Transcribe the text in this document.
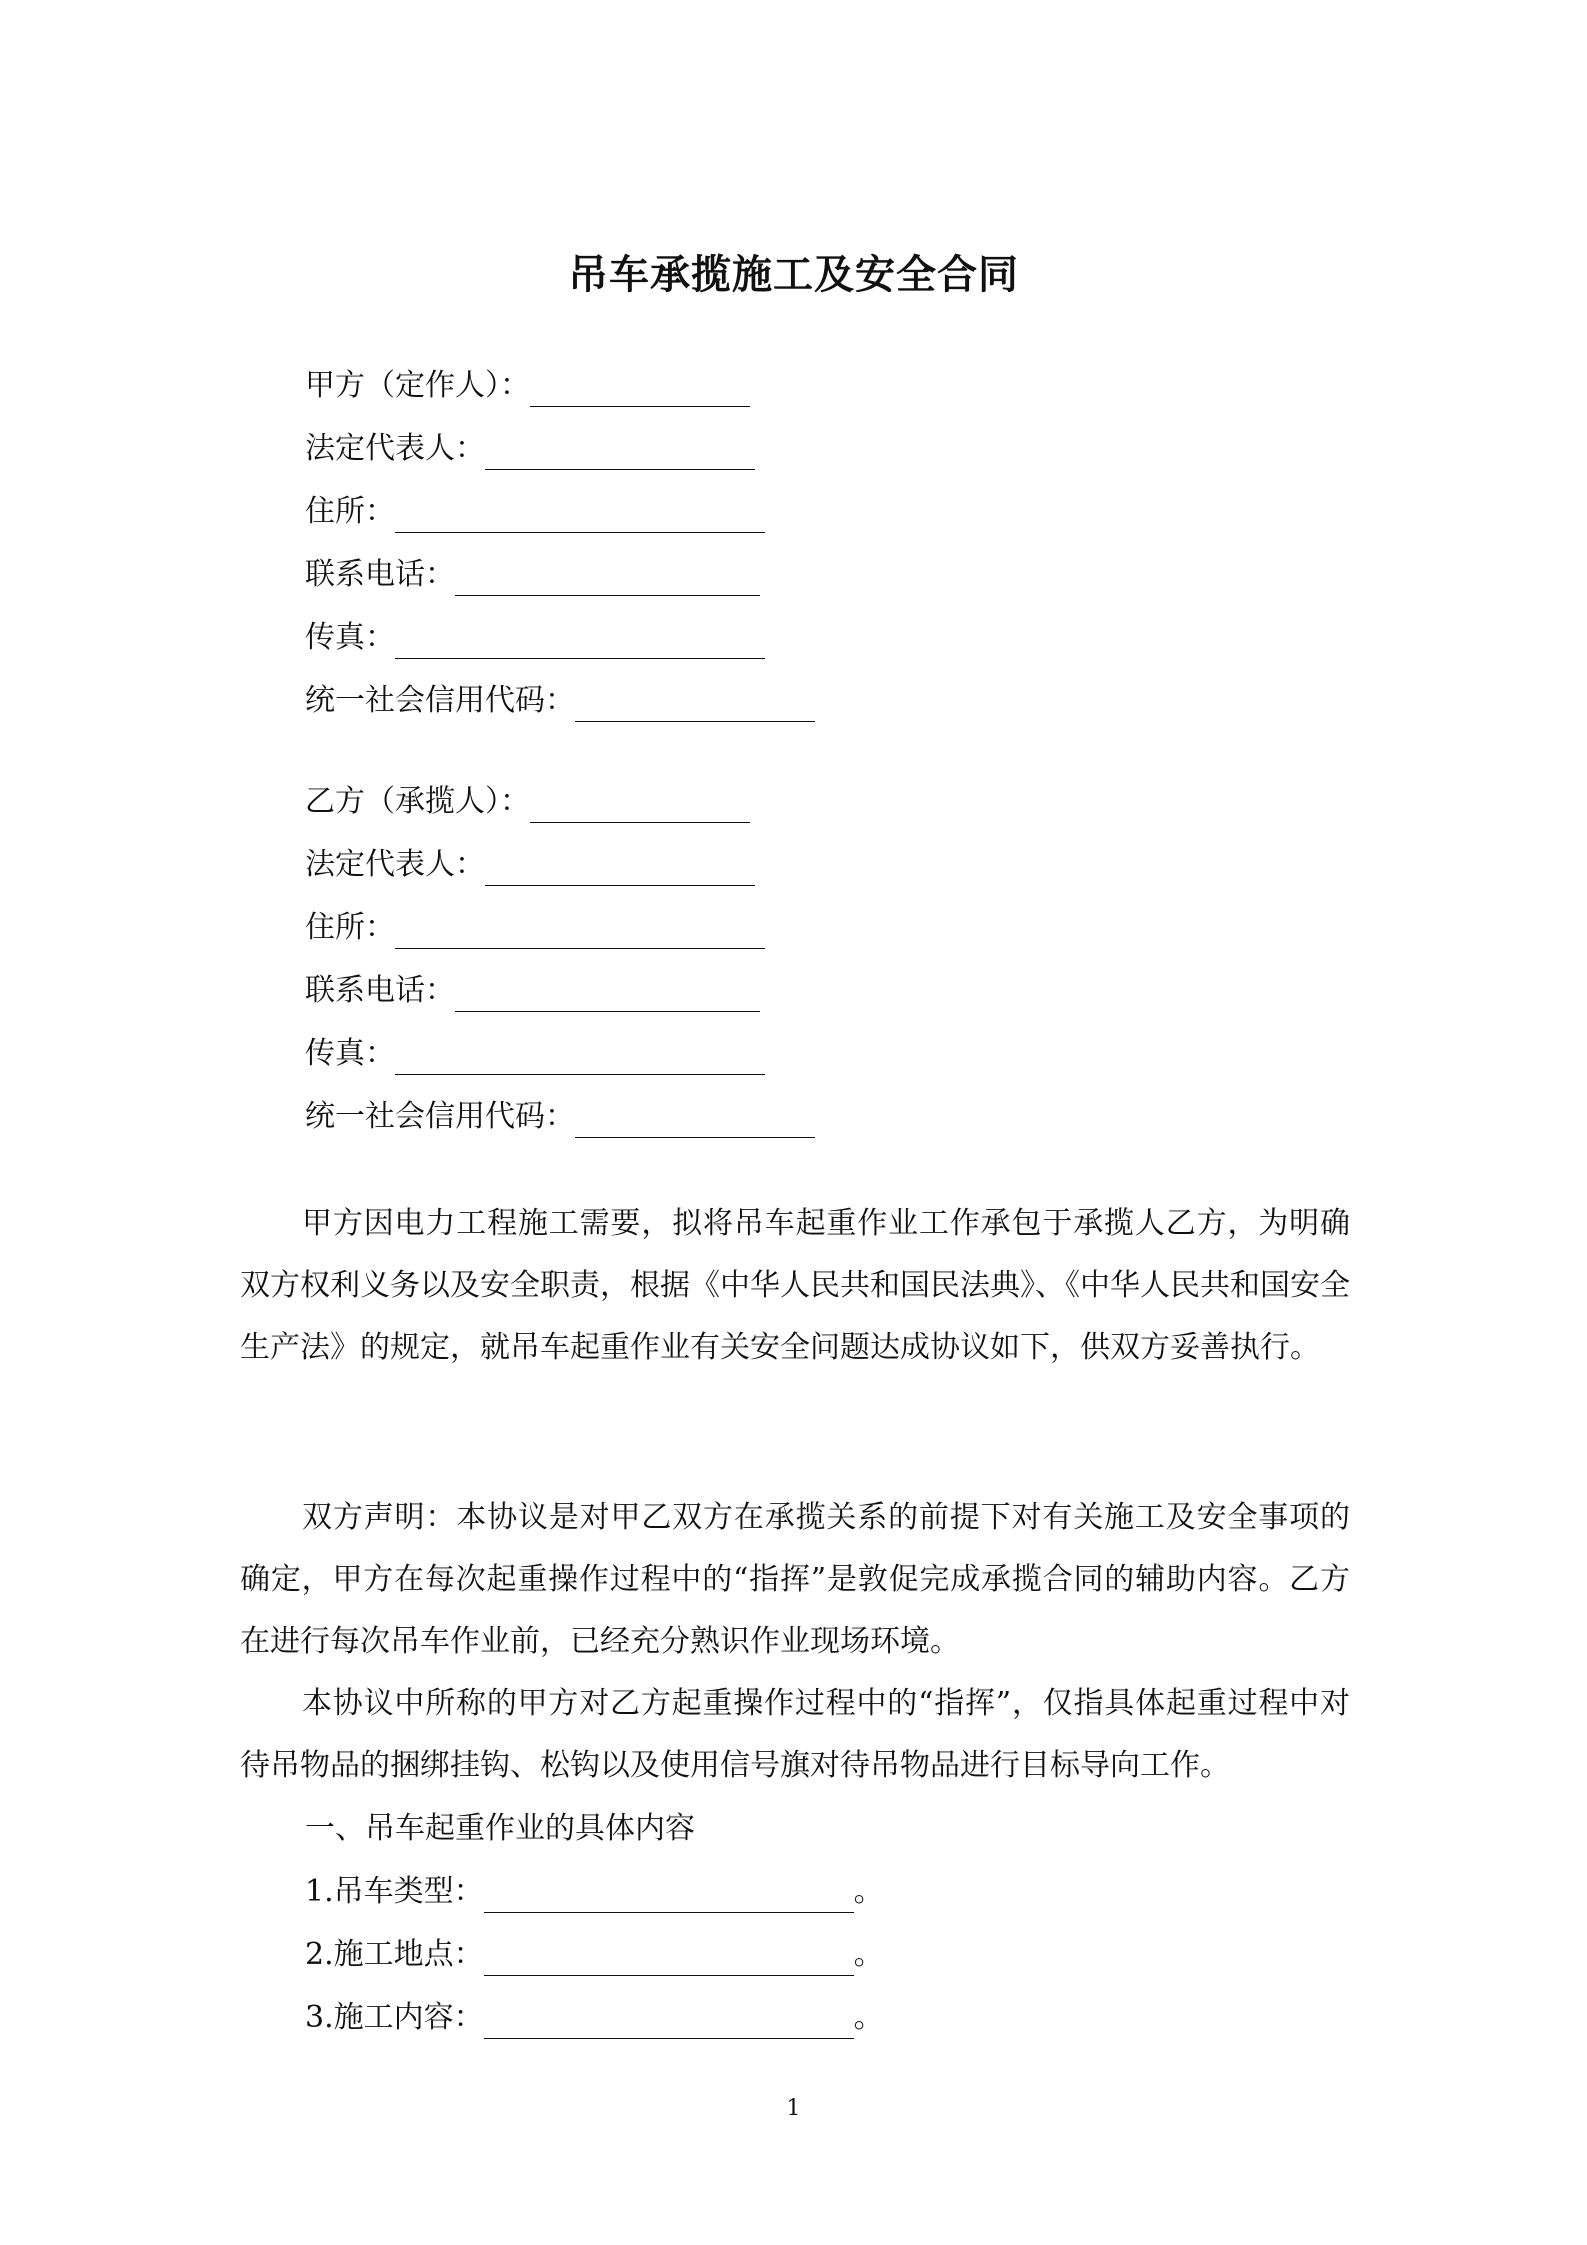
吊车承揽施工及安全合同
甲方（定作人）：
法定代表人：
住所：
联系电话：
传真：
统一社会信用代码：
乙方（承揽人）：
法定代表人：
住所：
联系电话：
传真：
统一社会信用代码：

甲方因电力工程施工需要，拟将吊车起重作业工作承包于承揽人乙方，为明确双方权利义务以及安全职责，根据《中华人民共和国民法典》、《中华人民共和国安全生产法》的规定，就吊车起重作业有关安全问题达成协议如下，供双方妥善执行。

双方声明：本协议是对甲乙双方在承揽关系的前提下对有关施工及安全事项的确定，甲方在每次起重操作过程中的“指挥”是敦促完成承揽合同的辅助内容。乙方在进行每次吊车作业前，已经充分熟识作业现场环境。

本协议中所称的甲方对乙方起重操作过程中的“指挥”，仅指具体起重过程中对待吊物品的捆绑挂钩、松钩以及使用信号旗对待吊物品进行目标导向工作。

一、吊车起重作业的具体内容
1.吊车类型：	。
2.施工地点：	。
3.施工内容：	。
1
